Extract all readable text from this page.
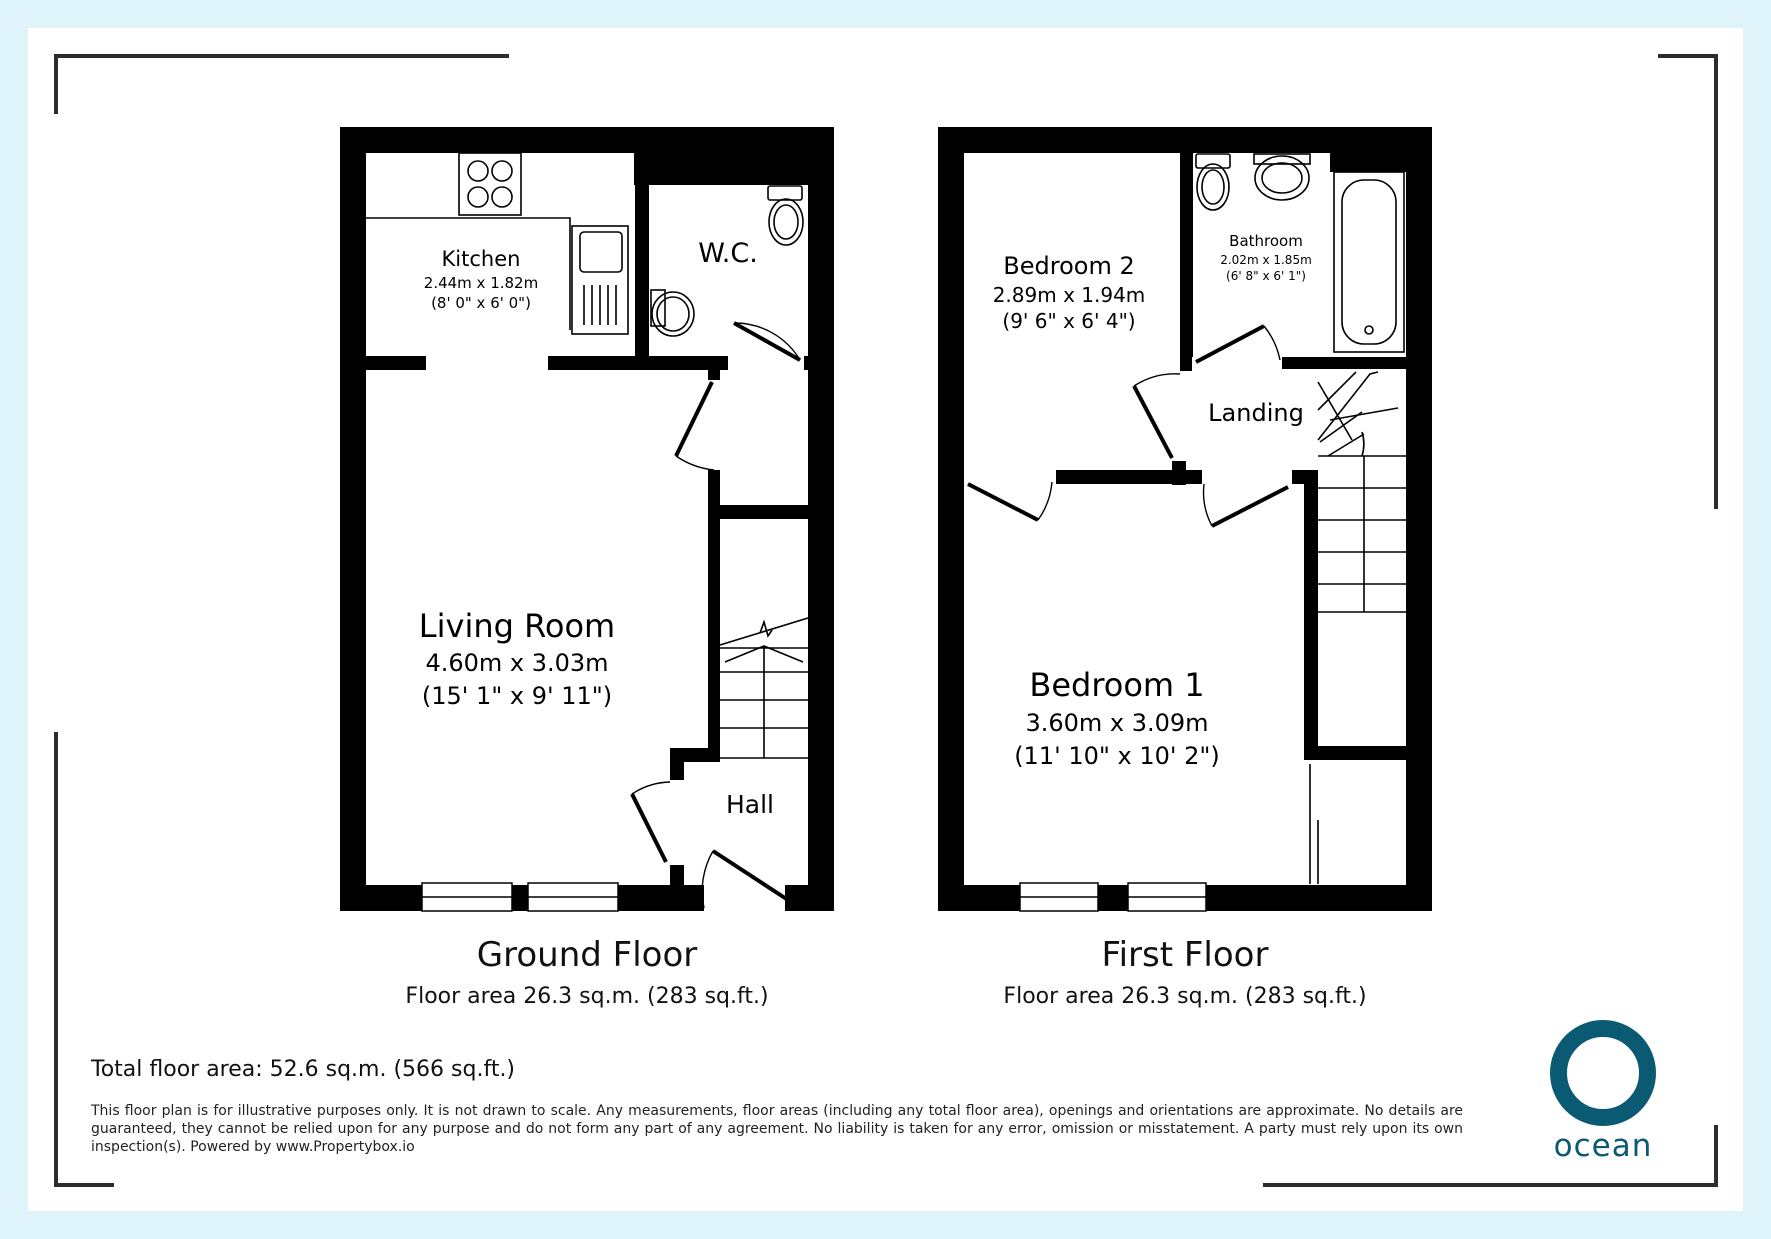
Kitchen
2.44m x 1.82m
(8' 0" x 6' 0")
W.C.
Living Room
4.60m x 3.03m
(15' 1" x 9' 11")
Hall
Ground Floor
Floor area 26.3 sq.m. (283 sq.ft.)
Bedroom 2
2.89m x 1.94m
(9' 6" x 6' 4")
Bathroom
2.02m x 1.85m
(6' 8" x 6' 1")
Landing
Bedroom 1
3.60m x 3.09m
(11' 10" x 10' 2")
First Floor
Floor area 26.3 sq.m. (283 sq.ft.)
Total floor area: 52.6 sq.m. (566 sq.ft.)
This floor plan is for illustrative purposes only. It is not drawn to scale. Any measurements, floor areas (including any total floor area), openings and orientations are approximate. No details are guaranteed, they cannot be relied upon for any purpose and do not form any part of any agreement. No liability is taken for any error, omission or misstatement. A party must rely upon its own inspection(s). Powered by www.Propertybox.io	ocean
